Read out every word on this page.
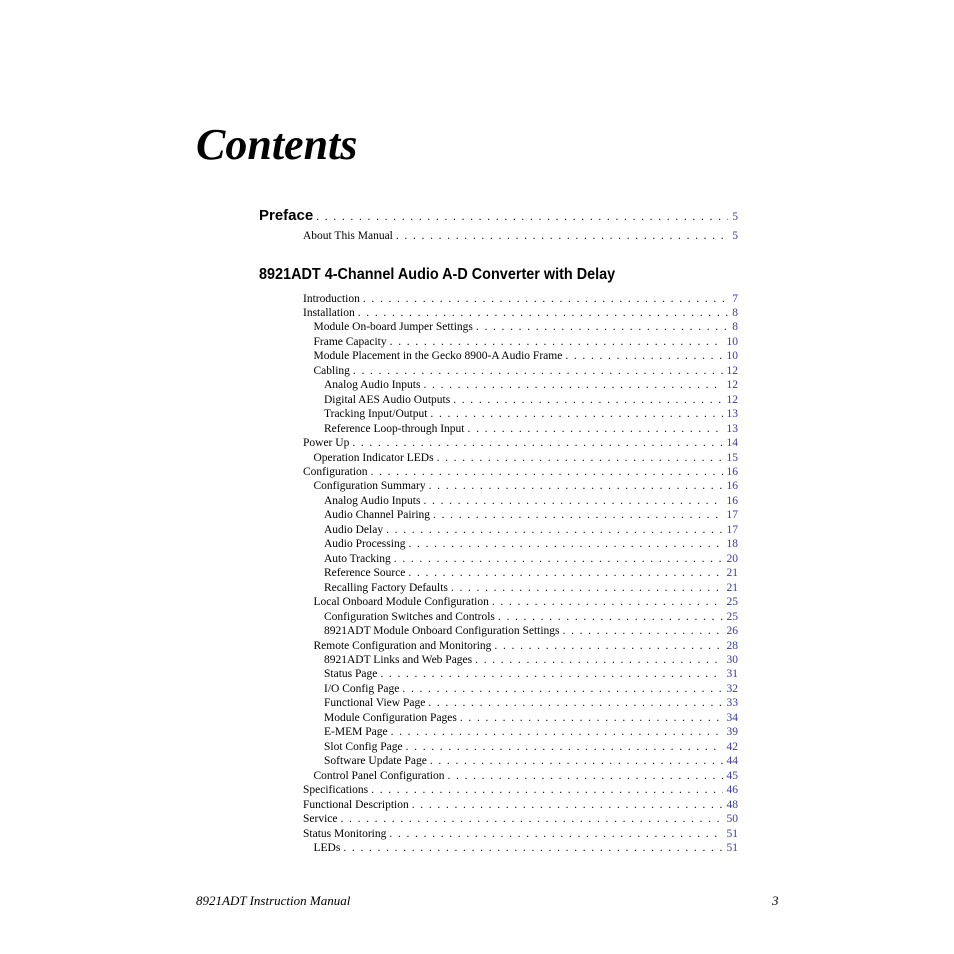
Contents
Preface . . .	5
About This Manual . . .	5
8921ADT 4-Channel Audio A-D Converter with Delay
Introduction . . .	7
Installation . . .	8
Module On-board Jumper Settings . . .	8
Frame Capacity . . .	10
Module Placement in the Gecko 8900-A Audio Frame . . .	10
Cabling . . .	12
Analog Audio Inputs . . .	12
Digital AES Audio Outputs . . .	12
Tracking Input/Output . . .	13
Reference Loop-through Input . . .	13
Power Up . . .	14
Operation Indicator LEDs . . .	15
Configuration . . .	16
Configuration Summary . . .	16
Analog Audio Inputs . . .	16
Audio Channel Pairing . . .	17
Audio Delay . . .	17
Audio Processing . . .	18
Auto Tracking . . .	20
Reference Source . . .	21
Recalling Factory Defaults . . .	21
Local Onboard Module Configuration . . .	25
Configuration Switches and Controls . . .	25
8921ADT Module Onboard Configuration Settings . . .	26
Remote Configuration and Monitoring . . .	28
8921ADT Links and Web Pages . . .	30
Status Page . . .	31
I/O Config Page . . .	32
Functional View Page . . .	33
Module Configuration Pages . . .	34
E-MEM Page . . .	39
Slot Config Page . . .	42
Software Update Page . . .	44
Control Panel Configuration . . .	45
Specifications . . .	46
Functional Description . . .	48
Service . . .	50
Status Monitoring . . .	51
LEDs . . .	51
8921ADT Instruction Manual	3
